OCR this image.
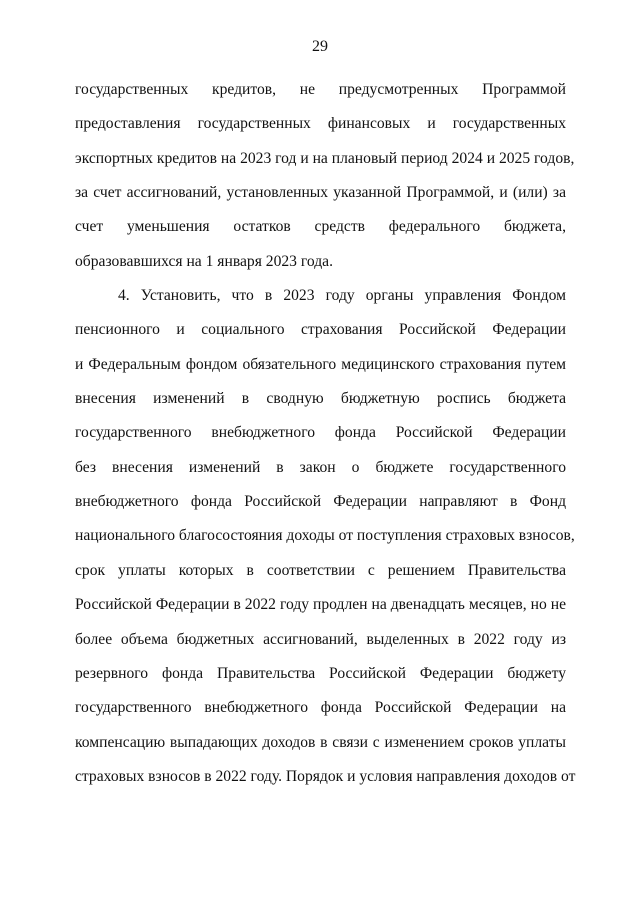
29
государственных кредитов, не предусмотренных Программой
предоставления государственных финансовых и государственных
экспортных кредитов на 2023 год и на плановый период 2024 и 2025 годов,
за счет ассигнований, установленных указанной Программой, и (или) за
счет уменьшения остатков средств федерального бюджета,
образовавшихся на 1 января 2023 года.
4. Установить, что в 2023 году органы управления Фондом
пенсионного и социального страхования Российской Федерации
и Федеральным фондом обязательного медицинского страхования путем
внесения изменений в сводную бюджетную роспись бюджета
государственного внебюджетного фонда Российской Федерации
без внесения изменений в закон о бюджете государственного
внебюджетного фонда Российской Федерации направляют в Фонд
национального благосостояния доходы от поступления страховых взносов,
срок уплаты которых в соответствии с решением Правительства
Российской Федерации в 2022 году продлен на двенадцать месяцев, но не
более объема бюджетных ассигнований, выделенных в 2022 году из
резервного фонда Правительства Российской Федерации бюджету
государственного внебюджетного фонда Российской Федерации на
компенсацию выпадающих доходов в связи с изменением сроков уплаты
страховых взносов в 2022 году. Порядок и условия направления доходов от
